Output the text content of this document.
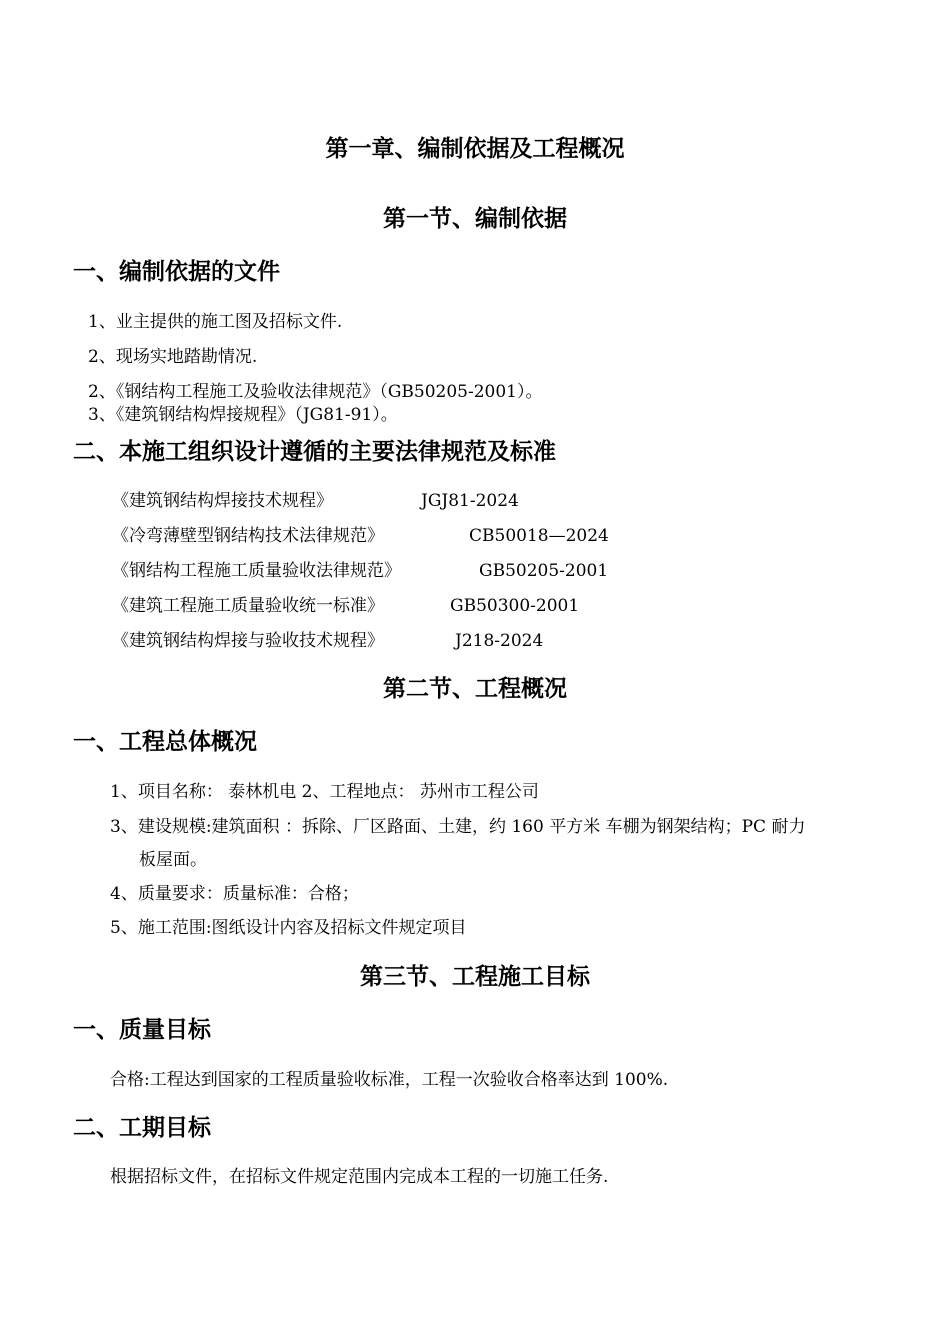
第一章、编制依据及工程概况
第一节、编制依据
一、编制依据的文件
1、业主提供的施工图及招标文件.
2、现场实地踏勘情况.
2、《钢结构工程施工及验收法律规范》（GB50205-2001）。
3、《建筑钢结构焊接规程》（JG81-91）。
二、本施工组织设计遵循的主要法律规范及标准
《建筑钢结构焊接技术规程》	JGJ81-2024
《冷弯薄壁型钢结构技术法律规范》	CB50018—2024
《钢结构工程施工质量验收法律规范》	GB50205-2001
《建筑工程施工质量验收统一标准》	GB50300-2001
《建筑钢结构焊接与验收技术规程》	J218-2024
第二节、工程概况
一、工程总体概况
1、项目名称： 泰林机电 2、工程地点： 苏州市工程公司
3、建设规模:建筑面积 ：拆除、厂区路面、土建，约 160 平方米 车棚为钢架结构；PC 耐力
板屋面。
4、质量要求：质量标准：合格；
5、施工范围:图纸设计内容及招标文件规定项目
第三节、工程施工目标
一、质量目标
合格:工程达到国家的工程质量验收标准，工程一次验收合格率达到 100%.
二、工期目标
根据招标文件，在招标文件规定范围内完成本工程的一切施工任务.
